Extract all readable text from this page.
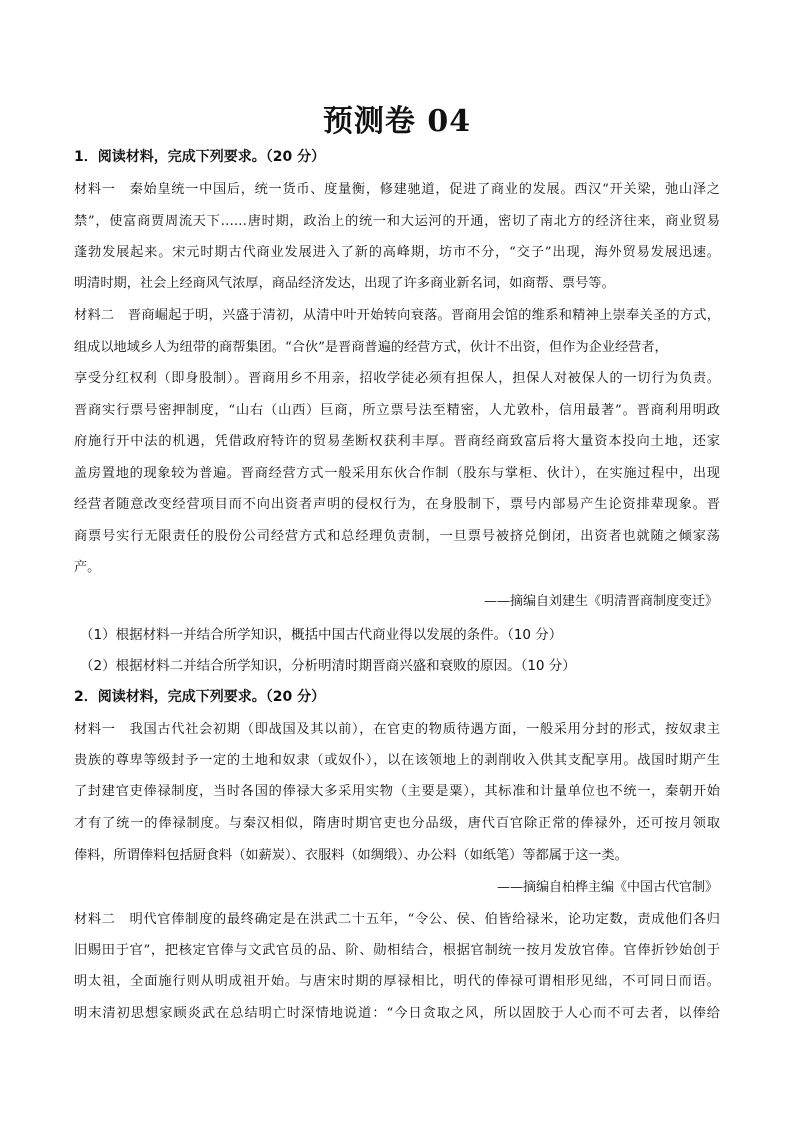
预测卷 04
1．阅读材料，完成下列要求。（20 分）
材料一　秦始皇统一中国后，统一货币、度量衡，修建驰道，促进了商业的发展。西汉“开关梁，弛山泽之
禁”，使富商贾周流天下……唐时期，政治上的统一和大运河的开通，密切了南北方的经济往来，商业贸易
蓬勃发展起来。宋元时期古代商业发展进入了新的高峰期，坊市不分，“交子”出现，海外贸易发展迅速。
明清时期，社会上经商风气浓厚，商品经济发达，出现了许多商业新名词，如商帮、票号等。
材料二　晋商崛起于明，兴盛于清初，从清中叶开始转向衰落。晋商用会馆的维系和精神上崇奉关圣的方式，
组成以地域乡人为纽带的商帮集团。“合伙”是晋商普遍的经营方式，伙计不出资，但作为企业经营者，
享受分红权利（即身股制）。晋商用乡不用亲，招收学徒必须有担保人，担保人对被保人的一切行为负责。
晋商实行票号密押制度，“山右（山西）巨商，所立票号法至精密，人尤敦朴，信用最著”。晋商利用明政
府施行开中法的机遇，凭借政府特许的贸易垄断权获利丰厚。晋商经商致富后将大量资本投向土地，还家
盖房置地的现象较为普遍。晋商经营方式一般采用东伙合作制（股东与掌柜、伙计），在实施过程中，出现
经营者随意改变经营项目而不向出资者声明的侵权行为，在身股制下，票号内部易产生论资排辈现象。晋
商票号实行无限责任的股份公司经营方式和总经理负责制，一旦票号被挤兑倒闭，出资者也就随之倾家荡
产。
——摘编自刘建生《明清晋商制度变迁》
（1）根据材料一并结合所学知识，概括中国古代商业得以发展的条件。（10 分）
（2）根据材料二并结合所学知识，分析明清时期晋商兴盛和衰败的原因。（10 分）
2．阅读材料，完成下列要求。（20 分）
材料一　我国古代社会初期（即战国及其以前），在官吏的物质待遇方面，一般采用分封的形式，按奴隶主
贵族的尊卑等级封予一定的土地和奴隶（或奴仆），以在该领地上的剥削收入供其支配享用。战国时期产生
了封建官吏俸禄制度，当时各国的俸禄大多采用实物（主要是粟），其标准和计量单位也不统一，秦朝开始
才有了统一的俸禄制度。与秦汉相似，隋唐时期官吏也分品级，唐代百官除正常的俸禄外，还可按月领取
俸料，所谓俸料包括厨食料（如薪炭）、衣服料（如绸缎）、办公料（如纸笔）等都属于这一类。
——摘编自柏桦主编《中国古代官制》
材料二　明代官俸制度的最终确定是在洪武二十五年，“令公、侯、伯皆给禄米，论功定数，责成他们各归
旧赐田于官”，把核定官俸与文武官员的品、阶、勋相结合，根据官制统一按月发放官俸。官俸折钞始创于
明太祖，全面施行则从明成祖开始。与唐宋时期的厚禄相比，明代的俸禄可谓相形见绌，不可同日而语。
明末清初思想家顾炎武在总结明亡时深情地说道：“今日贪取之风，所以固胶于人心而不可去者，以俸给
